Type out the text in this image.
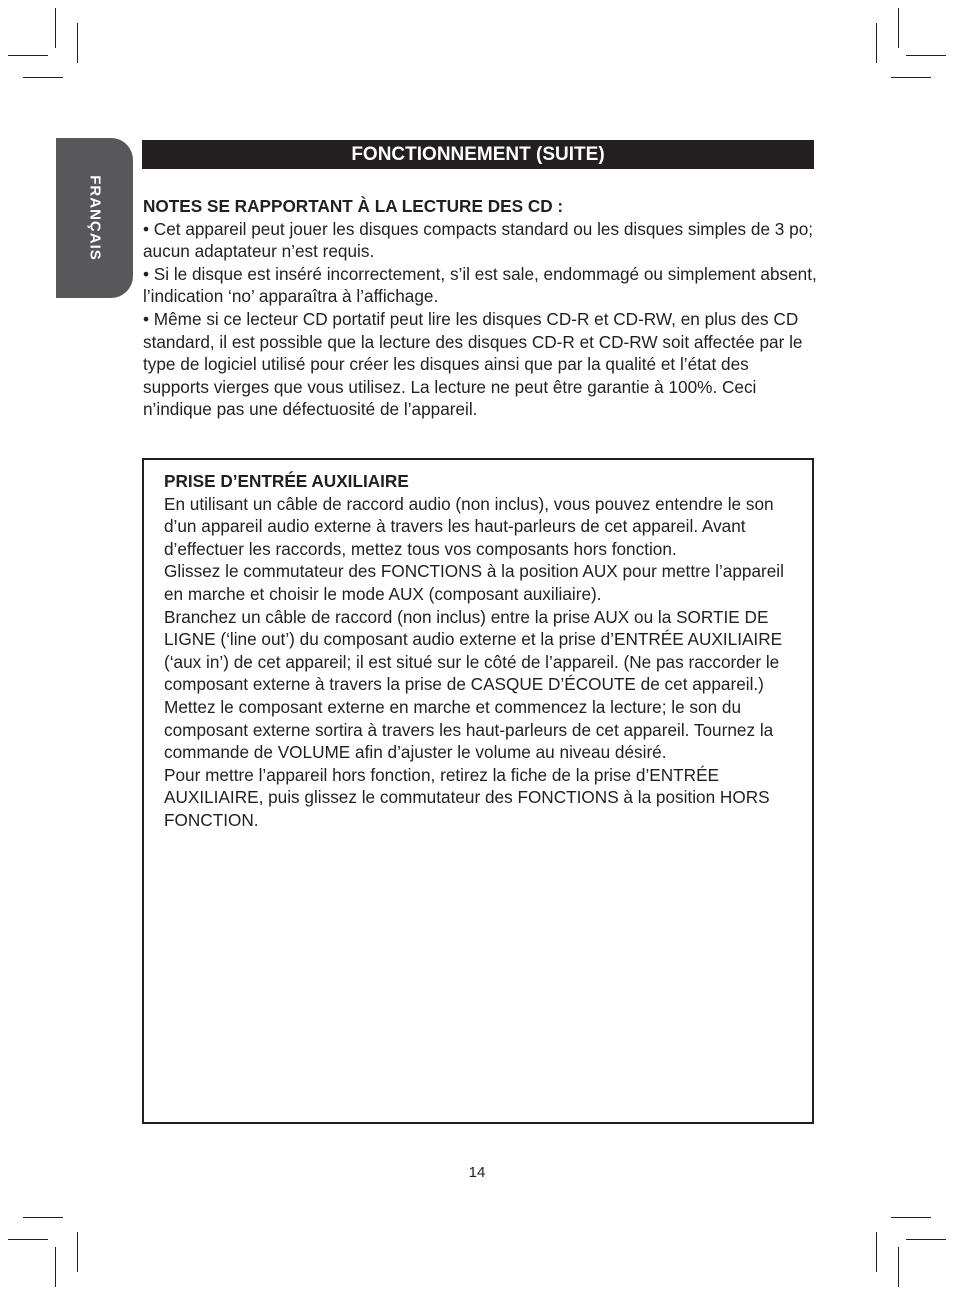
FRANÇAIS
FONCTIONNEMENT (SUITE)

NOTES SE RAPPORTANT À LA LECTURE DES CD :

• Cet appareil peut jouer les disques compacts standard ou les disques simples de 3 po; aucun adaptateur n’est requis.

• Si le disque est inséré incorrectement, s’il est sale, endommagé ou simplement absent, l’indication ‘no’ apparaîtra à l’affichage.

• Même si ce lecteur CD portatif peut lire les disques CD-R et CD-RW, en plus des CD standard, il est possible que la lecture des disques CD-R et CD-RW soit affectée par le type de logiciel utilisé pour créer les disques ainsi que par la qualité et l’état des supports vierges que vous utilisez. La lecture ne peut être garantie à 100%. Ceci n’indique pas une défectuosité de l’appareil.

PRISE D’ENTRÉE AUXILIAIRE

En utilisant un câble de raccord audio (non inclus), vous pouvez entendre le son d’un appareil audio externe à travers les haut-parleurs de cet appareil. Avant d’effectuer les raccords, mettez tous vos composants hors fonction.

Glissez le commutateur des FONCTIONS à la position AUX pour mettre l’appareil en marche et choisir le mode AUX (composant auxiliaire).

Branchez un câble de raccord (non inclus) entre la prise AUX ou la SORTIE DE LIGNE (‘line out’) du composant audio externe et la prise d’ENTRÉE AUXILIAIRE (‘aux in’) de cet appareil; il est situé sur le côté de l’appareil. (Ne pas raccorder le composant externe à travers la prise de CASQUE D’ÉCOUTE de cet appareil.) Mettez le composant externe en marche et commencez la lecture; le son du composant externe sortira à travers les haut-parleurs de cet appareil. Tournez la commande de VOLUME afin d’ajuster le volume au niveau désiré.

Pour mettre l’appareil hors fonction, retirez la fiche de la prise d’ENTRÉE AUXILIAIRE, puis glissez le commutateur des FONCTIONS à la position HORS FONCTION.

14
